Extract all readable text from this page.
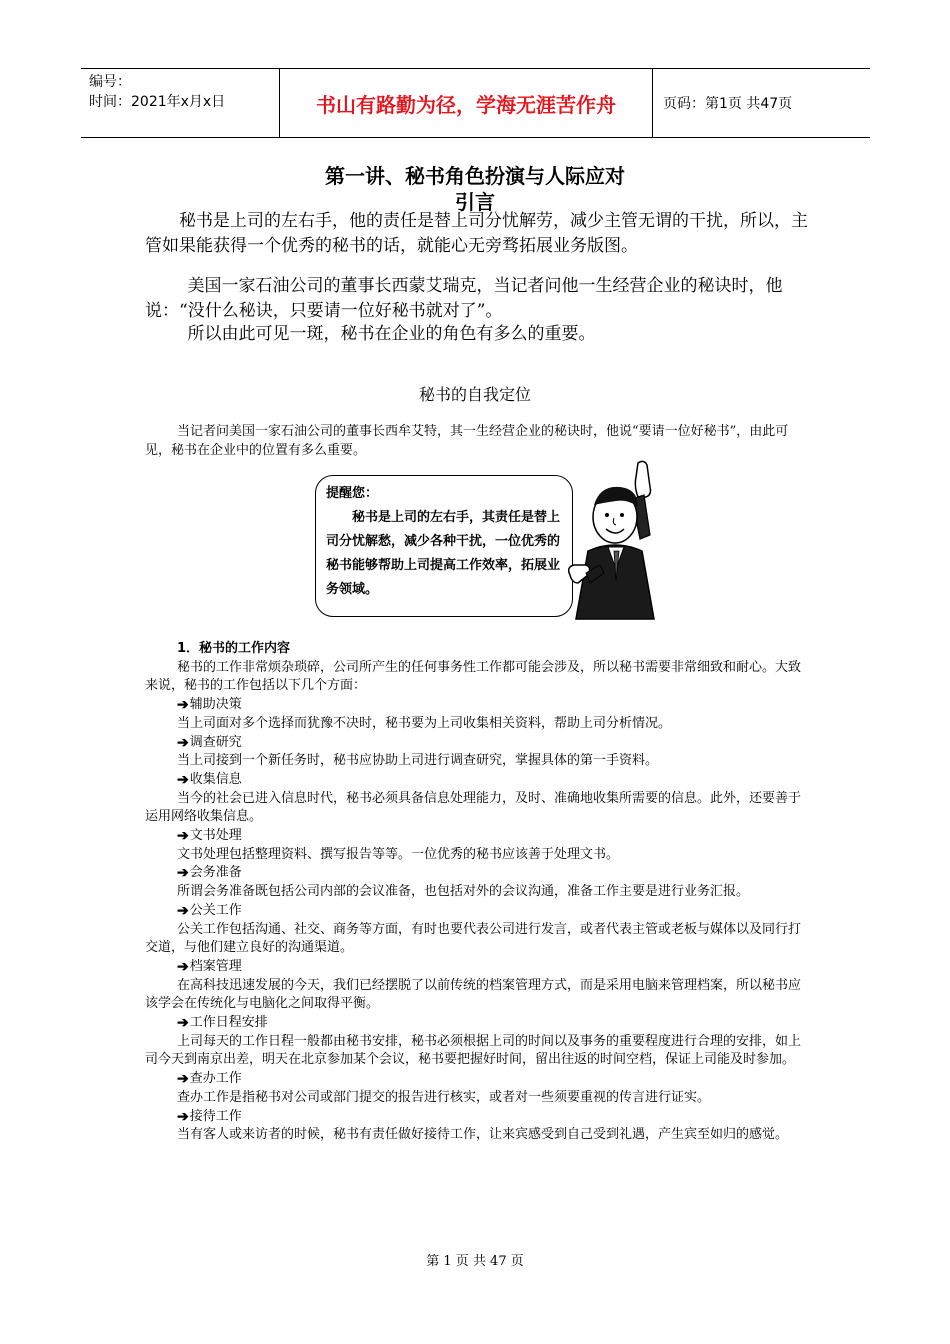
编号：
时间：2021年x月x日	书山有路勤为径，学海无涯苦作舟	页码：第1页 共47页
第一讲、秘书角色扮演与人际应对
引言

秘书是上司的左右手，他的责任是替上司分忧解劳，减少主管无谓的干扰，所以，主管如果能获得一个优秀的秘书的话，就能心无旁骛拓展业务版图。

美国一家石油公司的董事长西蒙艾瑞克，当记者问他一生经营企业的秘诀时，他说：“没什么秘诀，只要请一位好秘书就对了”。

所以由此可见一斑，秘书在企业的角色有多么的重要。

秘书的自我定位

当记者问美国一家石油公司的董事长西牟艾特，其一生经营企业的秘诀时，他说“要请一位好秘书”，由此可见，秘书在企业中的位置有多么重要。

提醒您：
秘书是上司的左右手，其责任是替上司分忧解愁，减少各种干扰，一位优秀的秘书能够帮助上司提高工作效率，拓展业务领域。
1．秘书的工作内容

秘书的工作非常烦杂琐碎，公司所产生的任何事务性工作都可能会涉及，所以秘书需要非常细致和耐心。大致来说，秘书的工作包括以下几个方面：

➔ 辅助决策

当上司面对多个选择而犹豫不决时，秘书要为上司收集相关资料，帮助上司分析情况。

➔ 调查研究

当上司接到一个新任务时，秘书应协助上司进行调查研究，掌握具体的第一手资料。

➔ 收集信息

当今的社会已进入信息时代，秘书必须具备信息处理能力，及时、准确地收集所需要的信息。此外，还要善于运用网络收集信息。

➔ 文书处理

文书处理包括整理资料、撰写报告等等。一位优秀的秘书应该善于处理文书。

➔ 会务准备

所谓会务准备既包括公司内部的会议准备，也包括对外的会议沟通，准备工作主要是进行业务汇报。

➔ 公关工作

公关工作包括沟通、社交、商务等方面，有时也要代表公司进行发言，或者代表主管或老板与媒体以及同行打交道，与他们建立良好的沟通渠道。

➔ 档案管理

在高科技迅速发展的今天，我们已经摆脱了以前传统的档案管理方式，而是采用电脑来管理档案，所以秘书应该学会在传统化与电脑化之间取得平衡。

➔ 工作日程安排

上司每天的工作日程一般都由秘书安排，秘书必须根据上司的时间以及事务的重要程度进行合理的安排，如上司今天到南京出差，明天在北京参加某个会议，秘书要把握好时间，留出往返的时间空档，保证上司能及时参加。

➔ 查办工作

查办工作是指秘书对公司或部门提交的报告进行核实，或者对一些须要重视的传言进行证实。

➔ 接待工作

当有客人或来访者的时候，秘书有责任做好接待工作，让来宾感受到自己受到礼遇，产生宾至如归的感觉。

第 1 页 共 47 页
